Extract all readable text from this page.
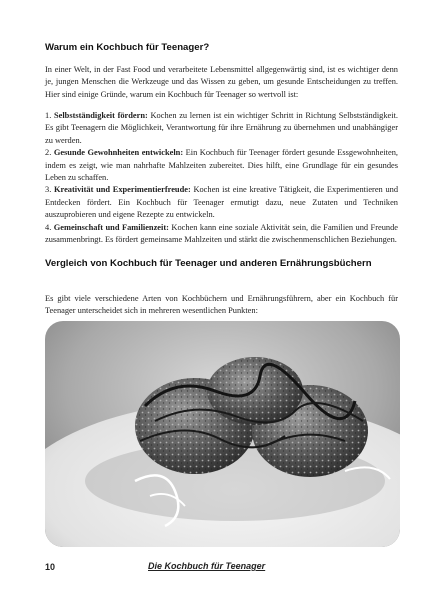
Warum ein Kochbuch für Teenager?

In einer Welt, in der Fast Food und verarbeitete Lebensmittel allgegenwärtig sind, ist es wichtiger denn je, jungen Menschen die Werkzeuge und das Wissen zu geben, um gesunde Entscheidungen zu treffen. Hier sind einige Gründe, warum ein Kochbuch für Teenager so wertvoll ist:

1. Selbstständigkeit fördern: Kochen zu lernen ist ein wichtiger Schritt in Richtung Selbstständigkeit. Es gibt Teenagern die Möglichkeit, Verantwortung für ihre Ernährung zu übernehmen und unabhängiger zu werden.

2. Gesunde Gewohnheiten entwickeln: Ein Kochbuch für Teenager fördert gesunde Essgewohnheiten, indem es zeigt, wie man nahrhafte Mahlzeiten zubereitet. Dies hilft, eine Grundlage für ein gesundes Leben zu schaffen.

3. Kreativität und Experimentierfreude: Kochen ist eine kreative Tätigkeit, die Experimentieren und Entdecken fördert. Ein Kochbuch für Teenager ermutigt dazu, neue Zutaten und Techniken auszuprobieren und eigene Rezepte zu entwickeln.

4. Gemeinschaft und Familienzeit: Kochen kann eine soziale Aktivität sein, die Familien und Freunde zusammenbringt. Es fördert gemeinsame Mahlzeiten und stärkt die zwischenmenschlichen Beziehungen.

Vergleich von Kochbuch für Teenager und anderen Ernährungsbüchern

Es gibt viele verschiedene Arten von Kochbüchern und Ernährungsführern, aber ein Kochbuch für Teenager unterscheidet sich in mehreren wesentlichen Punkten:

10	Die Kochbuch für Teenager
